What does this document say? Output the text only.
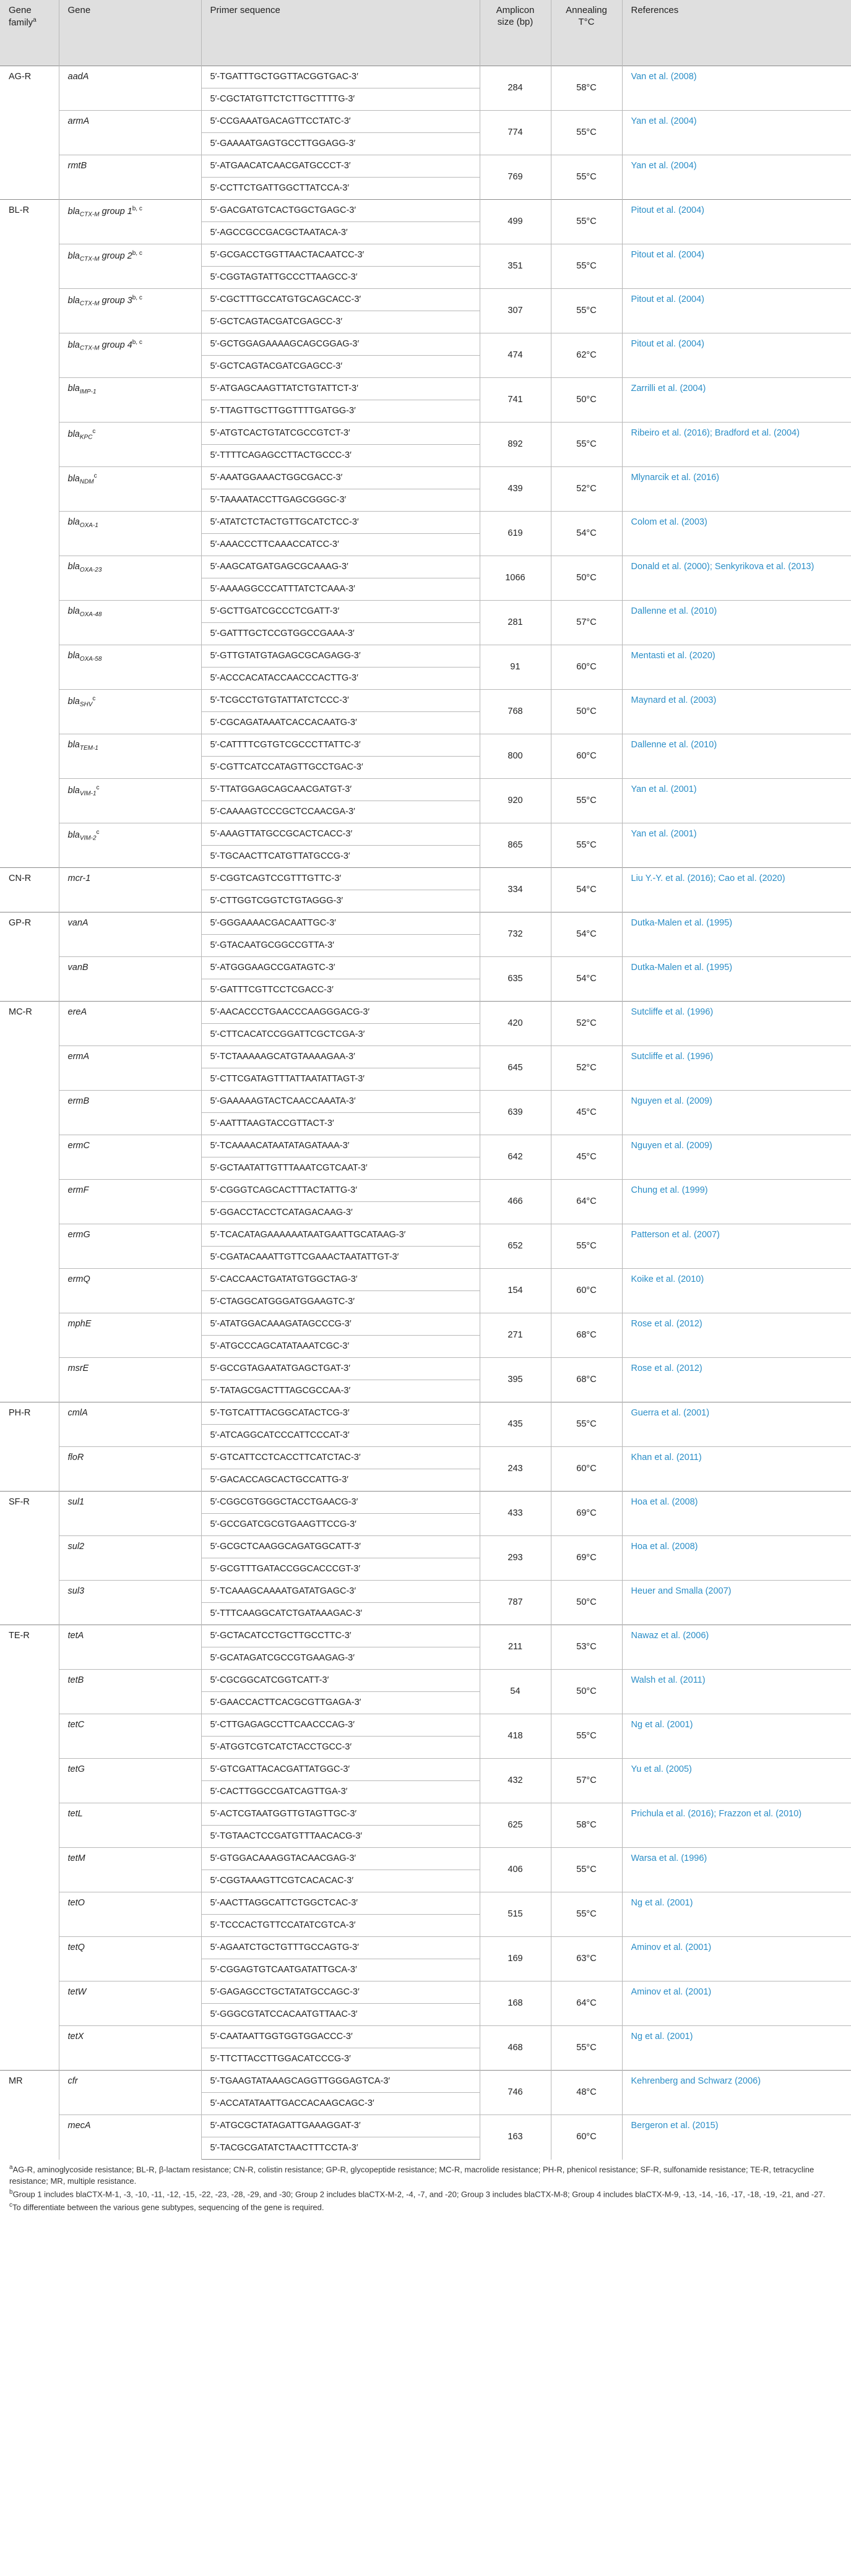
Gene family$^a$	Gene	Primer sequence	Amplicon size (bp)	Annealing T°C	References
AG-R	aadA	5′-TGATTTGCTGGTTACGGTGAC-3′	284	58°C	Van et al. (2008)
		5′-CGCTATGTTCTCTTGCTTTTG-3′			
	armA	5′-CCGAAATGACAGTTCCTATC-3′	774	55°C	Yan et al. (2004)
		5′-GAAAATGAGTGCCTTGGAGG-3′			
	rmtB	5′-ATGAACATCAACGATGCCCT-3′	769	55°C	Yan et al. (2004)
		5′-CCTTCTGATTGGCTTATCCA-3′			
BL-R	bla$_{CTX-M}$ group 1$^{b, c}$	5′-GACGATGTCACTGGCTGAGC-3′	499	55°C	Pitout et al. (2004)
		5′-AGCCGCCGACGCTAATACA-3′			
	bla$_{CTX-M}$ group 2$^{b, c}$	5′-GCGACCTGGTTAACTACAATCC-3′	351	55°C	Pitout et al. (2004)
		5′-CGGTAGTATTGCCCTTAAGCC-3′			
	bla$_{CTX-M}$ group 3$^{b, c}$	5′-CGCTTTGCCATGTGCAGCACC-3′	307	55°C	Pitout et al. (2004)
		5′-GCTCAGTACGATCGAGCC-3′			
	bla$_{CTX-M}$ group 4$^{b, c}$	5′-GCTGGAGAAAAGCAGCGGAG-3′	474	62°C	Pitout et al. (2004)
		5′-GCTCAGTACGATCGAGCC-3′			
	bla$_{IMP-1}$	5′-ATGAGCAAGTTATCTGTATTCT-3′	741	50°C	Zarrilli et al. (2004)
		5′-TTAGTTGCTTGGTTTTGATGG-3′			
	bla$_{KPC}^c$	5′-ATGTCACTGTATCGCCGTCT-3′	892	55°C	Ribeiro et al. (2016); Bradford et al. (2004)
		5′-TTTTCAGAGCCTTACTGCCC-3′			
	bla$_{NDM}^c$	5′-AAATGGAAACTGGCGACC-3′	439	52°C	Mlynarcik et al. (2016)
		5′-TAAAATACCTTGAGCGGGC-3′			
	bla$_{OXA-1}$	5′-ATATCTCTACTGTTGCATCTCC-3′	619	54°C	Colom et al. (2003)
		5′-AAACCCTTCAAACCATCC-3′			
	bla$_{OXA-23}$	5′-AAGCATGATGAGCGCAAAG-3′	1066	50°C	Donald et al. (2000); Senkyrikova et al. (2013)
		5′-AAAAGGCCCATTTATCTCAAA-3′			
	bla$_{OXA-48}$	5′-GCTTGATCGCCCTCGATT-3′	281	57°C	Dallenne et al. (2010)
		5′-GATTTGCTCCGTGGCCGAAA-3′			
	bla$_{OXA-58}$	5′-GTTGTATGTAGAGCGCAGAGG-3′	91	60°C	Mentasti et al. (2020)
		5′-ACCCACATACCAACCCACTTG-3′			
	bla$_{SHV}^c$	5′-TCGCCTGTGTATTATCTCCC-3′	768	50°C	Maynard et al. (2003)
		5′-CGCAGATAAATCACCACAATG-3′			
	bla$_{TEM-1}$	5′-CATTTTCGTGTCGCCCTTATTC-3′	800	60°C	Dallenne et al. (2010)
		5′-CGTTCATCCATAGTTGCCTGAC-3′			
	bla$_{VIM-1}^c$	5′-TTATGGAGCAGCAACGATGT-3′	920	55°C	Yan et al. (2001)
		5′-CAAAAGTCCCGCTCCAACGA-3′			
	bla$_{VIM-2}^c$	5′-AAAGTTATGCCGCACTCACC-3′	865	55°C	Yan et al. (2001)
		5′-TGCAACTTCATGTTATGCCG-3′			
CN-R	mcr-1	5′-CGGTCAGTCCGTTTGTTC-3′	334	54°C	Liu Y.-Y. et al. (2016); Cao et al. (2020)
		5′-CTTGGTCGGTCTGTAGGG-3′			
GP-R	vanA	5′-GGGAAAACGACAATTGC-3′	732	54°C	Dutka-Malen et al. (1995)
		5′-GTACAATGCGGCCGTTA-3′			
	vanB	5′-ATGGGAAGCCGATAGTC-3′	635	54°C	Dutka-Malen et al. (1995)
		5′-GATTTCGTTCCTCGACC-3′			
MC-R	ereA	5′-AACACCCTGAACCCAAGGGACG-3′	420	52°C	Sutcliffe et al. (1996)
		5′-CTTCACATCCGGATTCGCTCGA-3′			
	ermA	5′-TCTAAAAAGCATGTAAAAGAA-3′	645	52°C	Sutcliffe et al. (1996)
		5′-CTTCGATAGTTTATTAATATTAGT-3′			
	ermB	5′-GAAAAAGTACTCAACCAAATA-3′	639	45°C	Nguyen et al. (2009)
		5′-AATTTAAGTACCGTTACT-3′			
	ermC	5′-TCAAAACATAATATAGATAAA-3′	642	45°C	Nguyen et al. (2009)
		5′-GCTAATATTGTTTAAATCGTCAAT-3′			
	ermF	5′-CGGGTCAGCACTTTACTATTG-3′	466	64°C	Chung et al. (1999)
		5′-GGACCTACCTCATAGACAAG-3′			
	ermG	5′-TCACATAGAAAAAATAATGAATTGCATAAG-3′	652	55°C	Patterson et al. (2007)
		5′-CGATACAAATTGTTCGAAACTAATATTGT-3′			
	ermQ	5′-CACCAACTGATATGTGGCTAG-3′	154	60°C	Koike et al. (2010)
		5′-CTAGGCATGGGATGGAAGTC-3′			
	mphE	5′-ATATGGACAAAGATAGCCCG-3′	271	68°C	Rose et al. (2012)
		5′-ATGCCCAGCATATAAATCGC-3′			
	msrE	5′-GCCGTAGAATATGAGCTGAT-3′	395	68°C	Rose et al. (2012)
		5′-TATAGCGACTTTAGCGCCAA-3′			
PH-R	cmlA	5′-TGTCATTTACGGCATACTCG-3′	435	55°C	Guerra et al. (2001)
		5′-ATCAGGCATCCCATTCCCAT-3′			
	floR	5′-GTCATTCCTCACCTTCATCTAC-3′	243	60°C	Khan et al. (2011)
		5′-GACACCAGCACTGCCATTG-3′			
SF-R	sul1	5′-CGGCGTGGGCTACCTGAACG-3′	433	69°C	Hoa et al. (2008)
		5′-GCCGATCGCGTGAAGTTCCG-3′			
	sul2	5′-GCGCTCAAGGCAGATGGCATT-3′	293	69°C	Hoa et al. (2008)
		5′-GCGTTTGATACCGGCACCCGT-3′			
	sul3	5′-TCAAAGCAAAATGATATGAGC-3′	787	50°C	Heuer and Smalla (2007)
		5′-TTTCAAGGCATCTGATAAAGAC-3′			
TE-R	tetA	5′-GCTACATCCTGCTTGCCTTC-3′	211	53°C	Nawaz et al. (2006)
		5′-GCATAGATCGCCGTGAAGAG-3′			
	tetB	5′-CGCGGCATCGGTCATT-3′	54	50°C	Walsh et al. (2011)
		5′-GAACCACTTCACGCGTTGAGA-3′			
	tetC	5′-CTTGAGAGCCTTCAACCCAG-3′	418	55°C	Ng et al. (2001)
		5′-ATGGTCGTCATCTACCTGCC-3′			
	tetG	5′-GTCGATTACACGATTATGGC-3′	432	57°C	Yu et al. (2005)
		5′-CACTTGGCCGATCAGTTGA-3′			
	tetL	5′-ACTCGTAATGGTTGTAGTTGC-3′	625	58°C	Prichula et al. (2016); Frazzon et al. (2010)
		5′-TGTAACTCCGATGTTTAACACG-3′			
	tetM	5′-GTGGACAAAGGTACAACGAG-3′	406	55°C	Warsa et al. (1996)
		5′-CGGTAAAGTTCGTCACACAC-3′			
	tetO	5′-AACTTAGGCATTCTGGCTCAC-3′	515	55°C	Ng et al. (2001)
		5′-TCCCACTGTTCCATATCGTCA-3′			
	tetQ	5′-AGAATCTGCTGTTTGCCAGTG-3′	169	63°C	Aminov et al. (2001)
		5′-CGGAGTGTCAATGATATTGCA-3′			
	tetW	5′-GAGAGCCTGCTATATGCCAGC-3′	168	64°C	Aminov et al. (2001)
		5′-GGGCGTATCCACAATGTTAAC-3′			
	tetX	5′-CAATAATTGGTGGTGGACCC-3′	468	55°C	Ng et al. (2001)
		5′-TTCTTACCTTGGACATCCCG-3′			
MR	cfr	5′-TGAAGTATAAAGCAGGTTGGGAGTCA-3′	746	48°C	Kehrenberg and Schwarz (2006)
		5′-ACCATATAATTGACCACAAGCAGC-3′			
	mecA	5′-ATGCGCTATAGATTGAAAGGAT-3′	163	60°C	Bergeron et al. (2015)
		5′-TACGCGATATCTAACTTTCCTA-3′			

$^a$AG-R, aminoglycoside resistance; BL-R, β-lactam resistance; CN-R, colistin resistance; GP-R, glycopeptide resistance; MC-R, macrolide resistance; PH-R, phenicol resistance; SF-R, sulfonamide resistance; TE-R, tetracycline resistance; MR, multiple resistance.

$^b$Group 1 includes blaCTX-M-1, -3, -10, -11, -12, -15, -22, -23, -28, -29, and -30; Group 2 includes blaCTX-M-2, -4, -7, and -20; Group 3 includes blaCTX-M-8; Group 4 includes blaCTX-M-9, -13, -14, -16, -17, -18, -19, -21, and -27.

$^c$To differentiate between the various gene subtypes, sequencing of the gene is required.
